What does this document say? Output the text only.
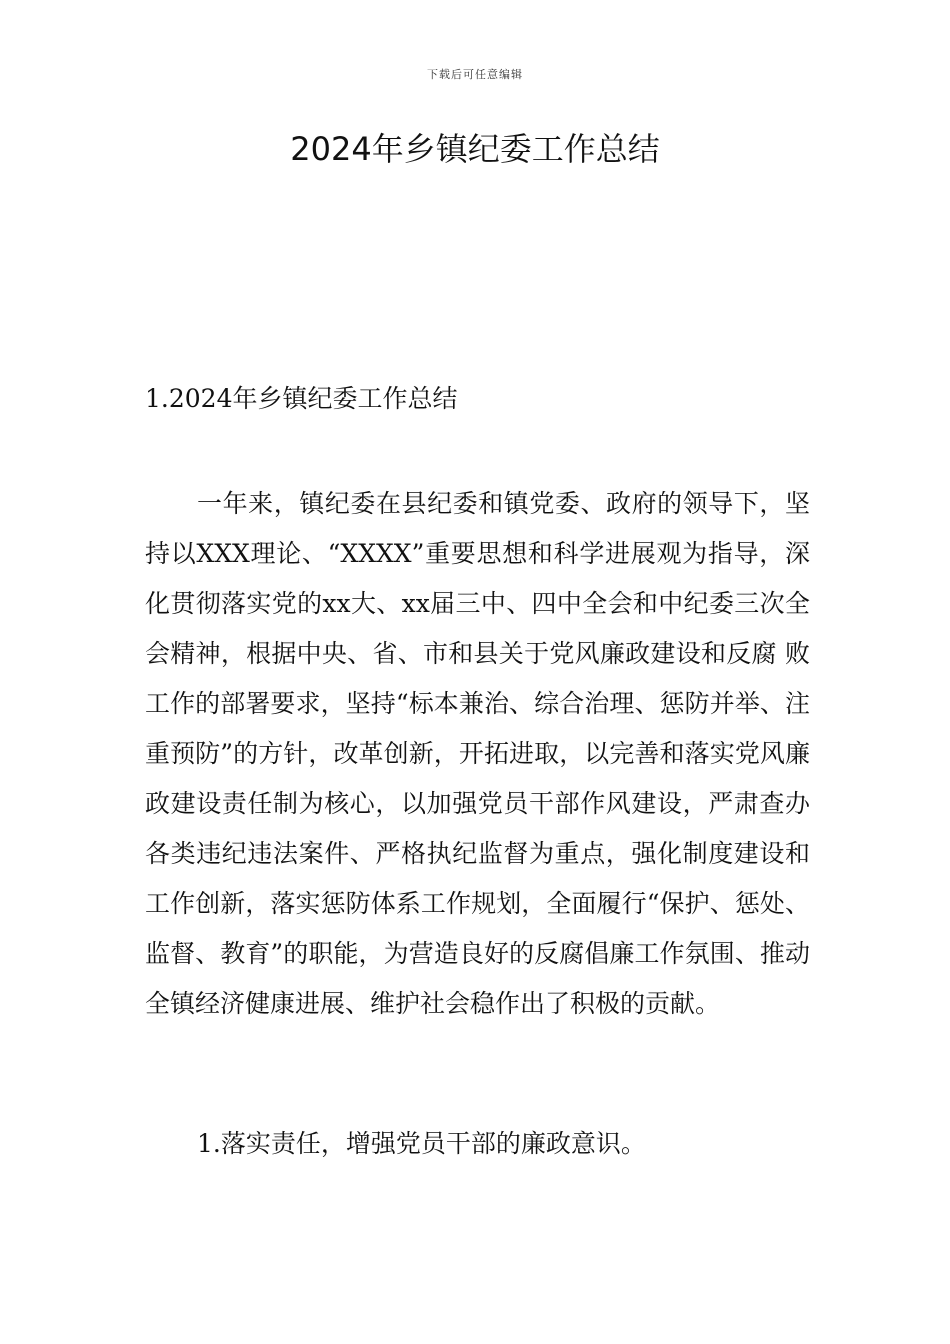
下载后可任意编辑
2024年乡镇纪委工作总结
1.2024年乡镇纪委工作总结

一年来，镇纪委在县纪委和镇党委、政府的领导下，坚持以XXX理论、“XXXX”重要思想和科学进展观为指导，深化贯彻落实党的xx大、xx届三中、四中全会和中纪委三次全会精神，根据中央、省、市和县关于党风廉政建设和反腐 败工作的部署要求，坚持“标本兼治、综合治理、惩防并举、注重预防”的方针，改革创新，开拓进取，以完善和落实党风廉政建设责任制为核心，以加强党员干部作风建设，严肃查办各类违纪违法案件、严格执纪监督为重点，强化制度建设和工作创新，落实惩防体系工作规划，全面履行“保护、惩处、监督、教育”的职能，为营造良好的反腐倡廉工作氛围、推动全镇经济健康进展、维护社会稳作出了积极的贡献。

1.落实责任，增强党员干部的廉政意识。
